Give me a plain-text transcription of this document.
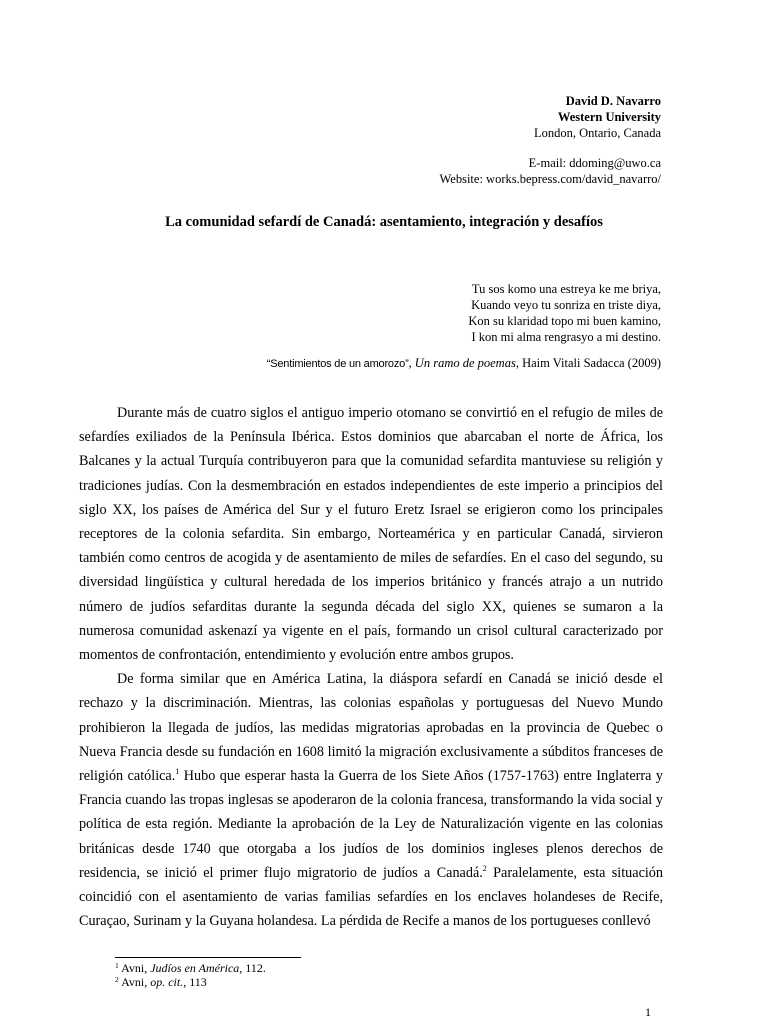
David D. Navarro
Western University
London, Ontario, Canada
E-mail: ddoming@uwo.ca
Website: works.bepress.com/david_navarro/
La comunidad sefardí de Canadá: asentamiento, integración y desafíos
Tu sos komo una estreya ke me briya,
Kuando veyo tu sonriza en triste diya,
Kon su klaridad topo mi buen kamino,
I kon mi alma rengrasyo a mi destino.
“Sentimientos de un amorozo”, Un ramo de poemas, Haim Vitali Sadacca (2009)

Durante más de cuatro siglos el antiguo imperio otomano se convirtió en el refugio de miles de sefardíes exiliados de la Península Ibérica. Estos dominios que abarcaban el norte de África, los Balcanes y la actual Turquía contribuyeron para que la comunidad sefardita mantuviese su religión y tradiciones judías. Con la desmembración en estados independientes de este imperio a principios del siglo XX, los países de América del Sur y el futuro Eretz Israel se erigieron como los principales receptores de la colonia sefardita. Sin embargo, Norteamérica y en particular Canadá, sirvieron también como centros de acogida y de asentamiento de miles de sefardíes. En el caso del segundo, su diversidad lingüística y cultural heredada de los imperios británico y francés atrajo a un nutrido número de judíos sefarditas durante la segunda década del siglo XX, quienes se sumaron a la numerosa comunidad askenazí ya vigente en el país, formando un crisol cultural caracterizado por momentos de confrontación, entendimiento y evolución entre ambos grupos.

De forma similar que en América Latina, la diáspora sefardí en Canadá se inició desde el rechazo y la discriminación. Mientras, las colonias españolas y portuguesas del Nuevo Mundo prohibieron la llegada de judíos, las medidas migratorias aprobadas en la provincia de Quebec o Nueva Francia desde su fundación en 1608 limitó la migración exclusivamente a súbditos franceses de religión católica.$^1$ Hubo que esperar hasta la Guerra de los Siete Años (1757-1763) entre Inglaterra y Francia cuando las tropas inglesas se apoderaron de la colonia francesa, transformando la vida social y política de esta región. Mediante la aprobación de la Ley de Naturalización vigente en las colonias británicas desde 1740 que otorgaba a los judíos de los dominios ingleses plenos derechos de residencia, se inició el primer flujo migratorio de judíos a Canadá.$^2$ Paralelamente, esta situación coincidió con el asentamiento de varias familias sefardíes en los enclaves holandeses de Recife, Curaçao, Surinam y la Guyana holandesa. La pérdida de Recife a manos de los portugueses conllevó

$^1$ Avni, Judíos en América, 112.
$^2$ Avni, op. cit., 113
1
